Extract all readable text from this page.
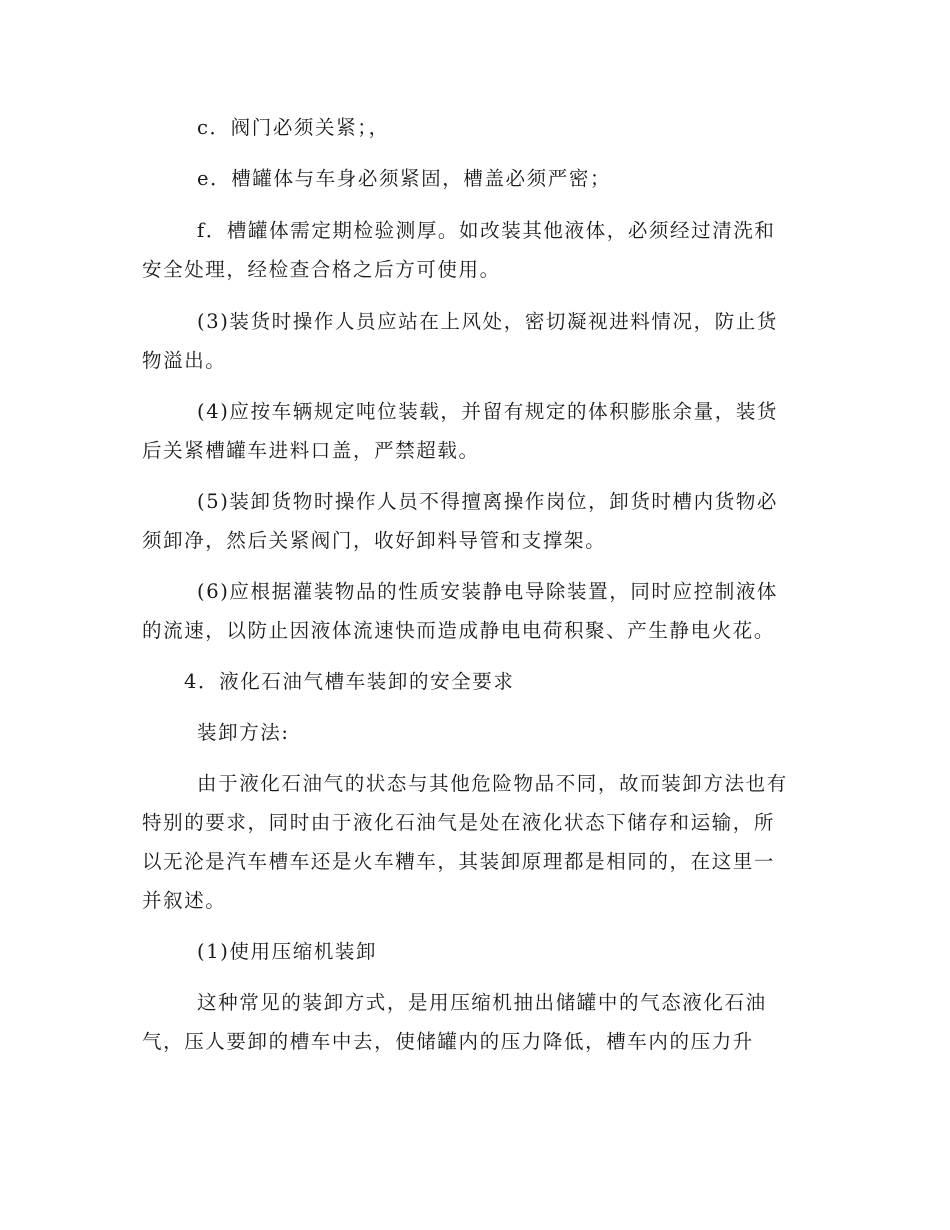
c．阀门必须关紧；，
e．槽罐体与车身必须紧固，槽盖必须严密；
f．槽罐体需定期检验测厚。如改装其他液体，必须经过清洗和
安全处理，经检查合格之后方可使用。
(3)装货时操作人员应站在上风处，密切凝视进料情况，防止货
物溢出。
(4)应按车辆规定吨位装载，并留有规定的体积膨胀余量，装货
后关紧槽罐车进料口盖，严禁超载。
(5)装卸货物时操作人员不得擅离操作岗位，卸货时槽内货物必
须卸净，然后关紧阀门，收好卸料导管和支撑架。
(6)应根据灌装物品的性质安装静电导除装置，同时应控制液体
的流速，以防止因液体流速快而造成静电电荷积聚、产生静电火花。
4．液化石油气槽车装卸的安全要求
装卸方法:
由于液化石油气的状态与其他危险物品不同，故而装卸方法也有
特别的要求，同时由于液化石油气是处在液化状态下储存和运输，所
以无沦是汽车槽车还是火车糟车，其装卸原理都是相同的，在这里一
并叙述。
(1)使用压缩机装卸
这种常见的装卸方式，是用压缩机抽出储罐中的气态液化石油
气，压人要卸的槽车中去，使储罐内的压力降低，槽车内的压力升
